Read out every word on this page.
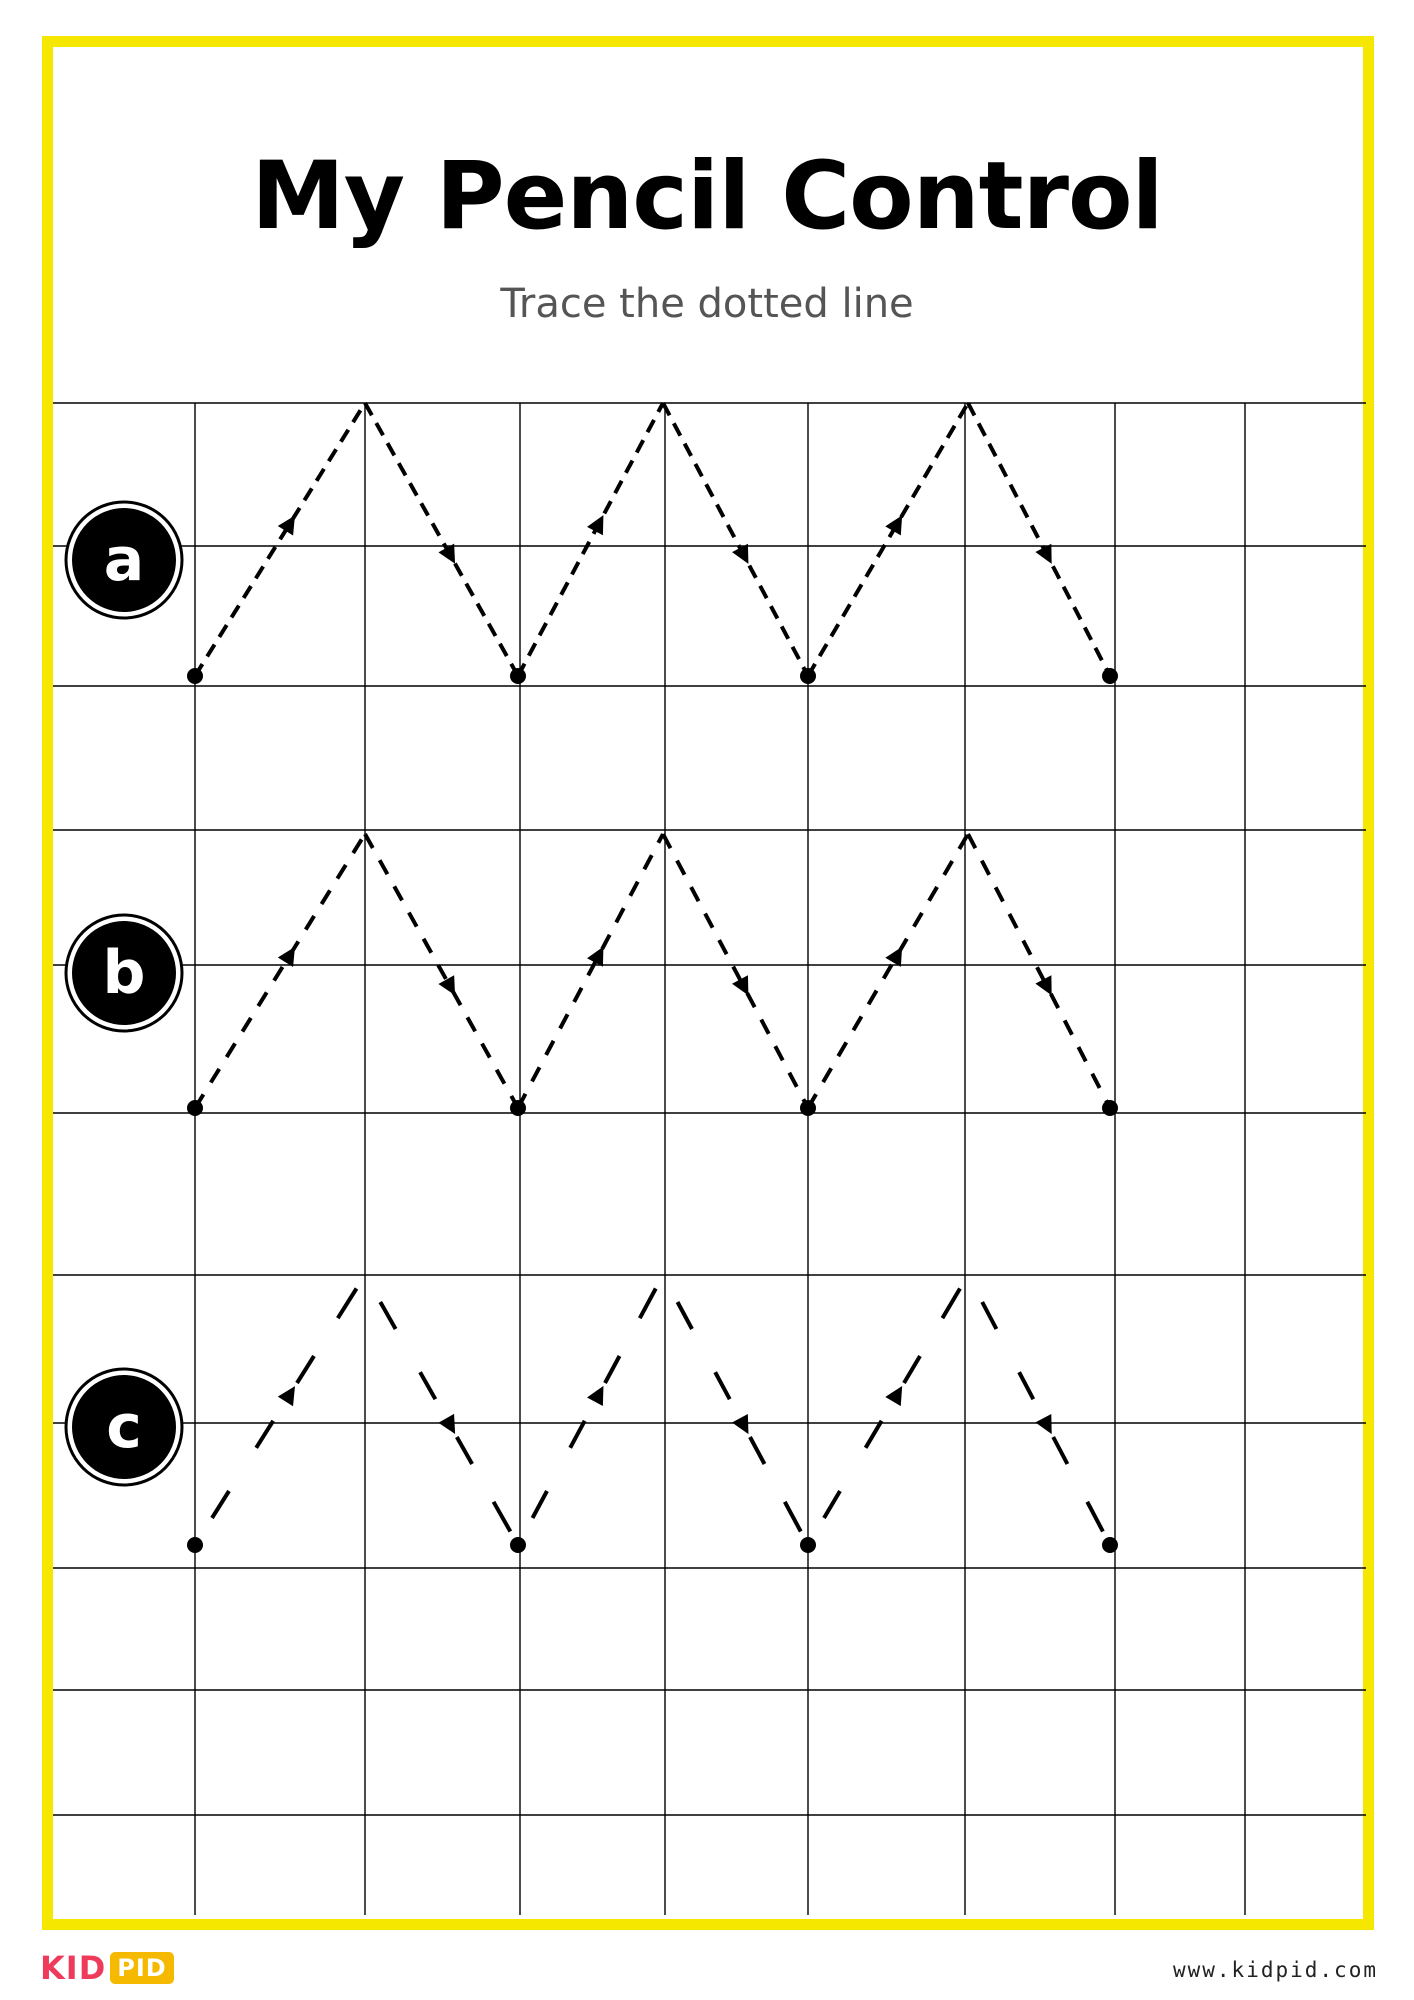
My Pencil Control
Trace the dotted line
a
b
c
KID PID	www.kidpid.com
